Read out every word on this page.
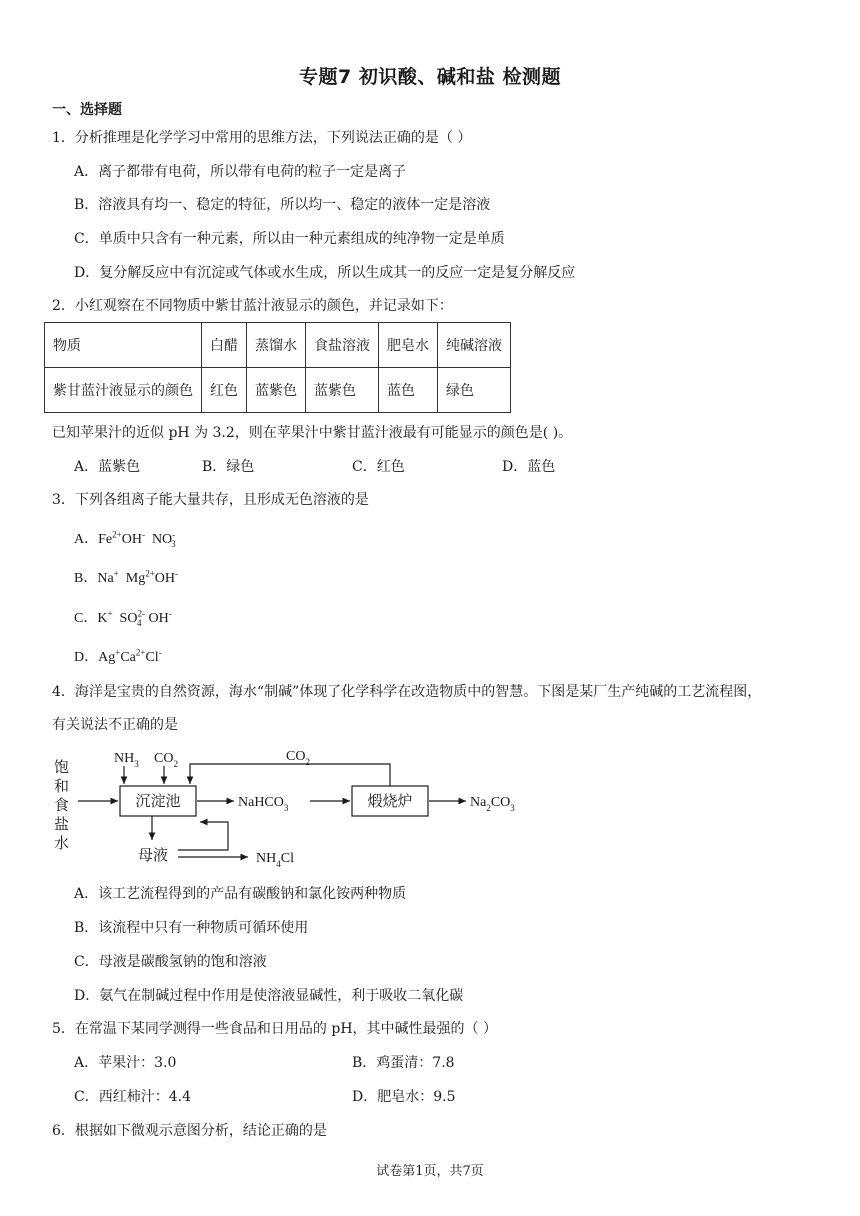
专题7 初识酸、碱和盐 检测题
一、选择题
1．分析推理是化学学习中常用的思维方法，下列说法正确的是（ ）
A．离子都带有电荷，所以带有电荷的粒子一定是离子
B．溶液具有均一、稳定的特征，所以均一、稳定的液体一定是溶液
C．单质中只含有一种元素，所以由一种元素组成的纯净物一定是单质
D．复分解反应中有沉淀或气体或水生成，所以生成其一的反应一定是复分解反应
2．小红观察在不同物质中紫甘蓝汁液显示的颜色，并记录如下：
物质	白醋	蒸馏水	食盐溶液	肥皂水	纯碱溶液
紫甘蓝汁液显示的颜色	红色	蓝紫色	蓝紫色	蓝色	绿色
已知苹果汁的近似 pH 为 3.2，则在苹果汁中紫甘蓝汁液最有可能显示的颜色是( )。
A．蓝紫色	B．绿色	C．红色	D．蓝色
3．下列各组离子能大量共存，且形成无色溶液的是
A．$Fe^{2+}OH^-$ $NO^-_3$
B．Na+ $Mg^{2+}OH^-$
C．K+ $SO^{2-}_4$ OH-
D．$Ag^+Ca^{2+}Cl^-$
4．海洋是宝贵的自然资源，海水“制碱”体现了化学科学在改造物质中的智慧。下图是某厂生产纯碱的工艺流程图，
有关说法不正确的是
饱
和
食
盐
水
沉淀池
$NH_3$ $CO_2$	$CO_2$
NaHCO$_3$	煅烧炉	$Na_2CO_3$
母液	$NH_4Cl$
A．该工艺流程得到的产品有碳酸钠和氯化铵两种物质
B．该流程中只有一种物质可循环使用
C．母液是碳酸氢钠的饱和溶液
D．氨气在制碱过程中作用是使溶液显碱性，利于吸收二氧化碳
5．在常温下某同学测得一些食品和日用品的 pH，其中碱性最强的（ ）
A．苹果汁：3.0	B．鸡蛋清：7.8
C．西红柿汁：4.4	D．肥皂水：9.5
6．根据如下微观示意图分析，结论正确的是
试卷第1页，共7页
